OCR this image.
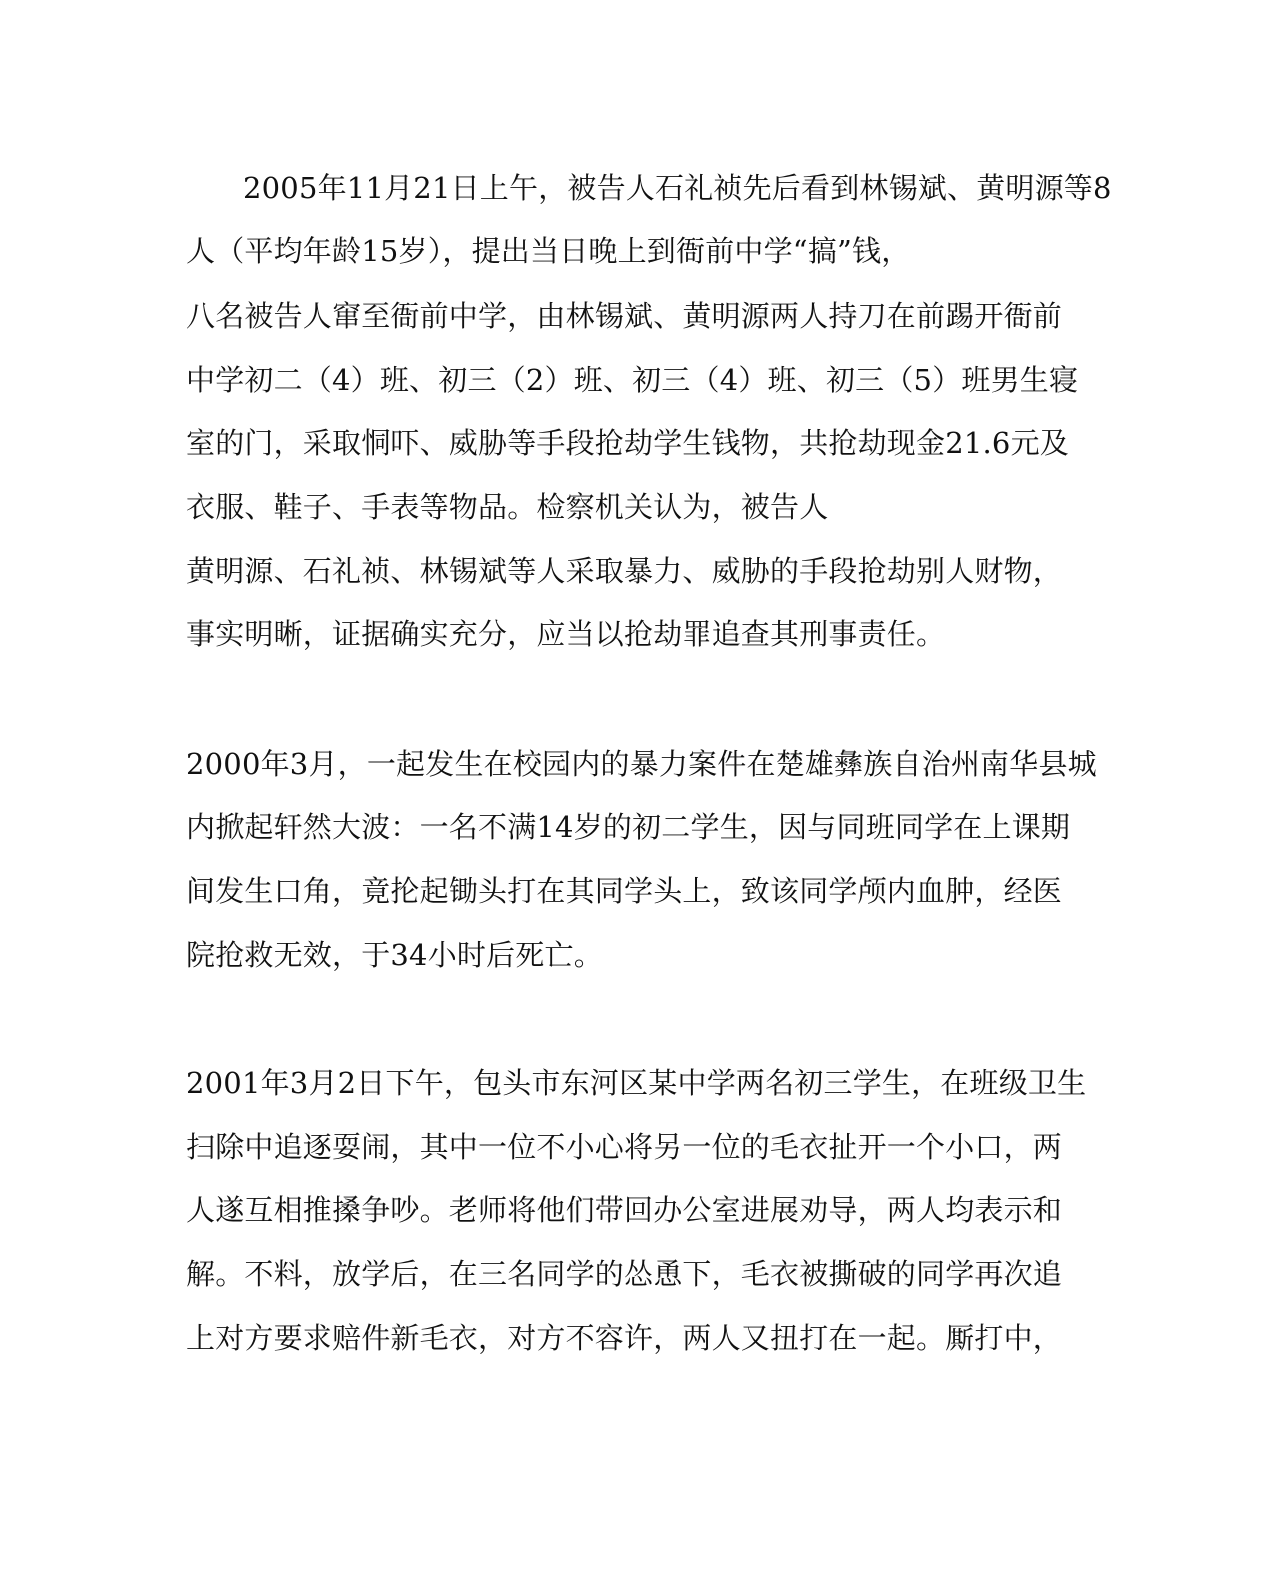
2005年11月21日上午，被告人石礼祯先后看到林锡斌、黄明源等8
人（平均年龄15岁），提出当日晚上到衙前中学“搞”钱，
八名被告人窜至衙前中学，由林锡斌、黄明源两人持刀在前踢开衙前
中学初二（4）班、初三（2）班、初三（4）班、初三（5）班男生寝
室的门，采取恫吓、威胁等手段抢劫学生钱物，共抢劫现金21.6元及
衣服、鞋子、手表等物品。检察机关认为，被告人
黄明源、石礼祯、林锡斌等人采取暴力、威胁的手段抢劫别人财物，
事实明晰，证据确实充分，应当以抢劫罪追查其刑事责任。
2000年3月，一起发生在校园内的暴力案件在楚雄彝族自治州南华县城
内掀起轩然大波：一名不满14岁的初二学生，因与同班同学在上课期
间发生口角，竟抡起锄头打在其同学头上，致该同学颅内血肿，经医
院抢救无效，于34小时后死亡。
2001年3月2日下午，包头市东河区某中学两名初三学生，在班级卫生
扫除中追逐耍闹，其中一位不小心将另一位的毛衣扯开一个小口，两
人遂互相推搡争吵。老师将他们带回办公室进展劝导，两人均表示和
解。不料，放学后，在三名同学的怂恿下，毛衣被撕破的同学再次追
上对方要求赔件新毛衣，对方不容许，两人又扭打在一起。厮打中，
